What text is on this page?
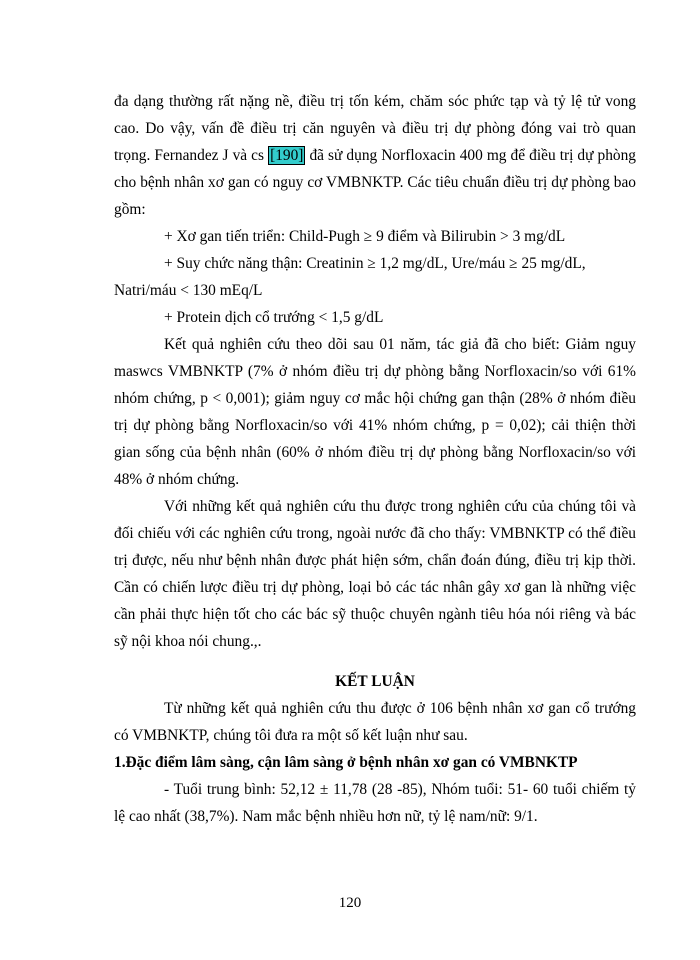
đa dạng thường rất nặng nề, điều trị tốn kém, chăm sóc phức tạp và tỷ lệ tử vong cao. Do vậy, vấn đề điều trị căn nguyên và điều trị dự phòng đóng vai trò quan trọng. Fernandez J và cs [190] đã sử dụng Norfloxacin 400 mg để điều trị dự phòng cho bệnh nhân xơ gan có nguy cơ VMBNKTP. Các tiêu chuẩn điều trị dự phòng bao gồm:

+ Xơ gan tiến triển: Child-Pugh ≥ 9 điểm và Bilirubin > 3 mg/dL

+ Suy chức năng thận: Creatinin ≥ 1,2 mg/dL, Ure/máu ≥ 25 mg/dL,

Natri/máu < 130 mEq/L

+ Protein dịch cổ trướng < 1,5 g/dL

Kết quả nghiên cứu theo dõi sau 01 năm, tác giả đã cho biết: Giảm nguy maswcs VMBNKTP (7% ở nhóm điều trị dự phòng bằng Norfloxacin/so với 61% nhóm chứng, p < 0,001); giảm nguy cơ mắc hội chứng gan thận (28% ở nhóm điều trị dự phòng bằng Norfloxacin/so với 41% nhóm chứng, p = 0,02); cải thiện thời gian sống của bệnh nhân (60% ở nhóm điều trị dự phòng bằng Norfloxacin/so với 48% ở nhóm chứng.

Với những kết quả nghiên cứu thu được trong nghiên cứu của chúng tôi và đối chiếu với các nghiên cứu trong, ngoài nước đã cho thấy: VMBNKTP có thể điều trị được, nếu như bệnh nhân được phát hiện sớm, chẩn đoán đúng, điều trị kịp thời. Cần có chiến lược điều trị dự phòng, loại bỏ các tác nhân gây xơ gan là những việc cần phải thực hiện tốt cho các bác sỹ thuộc chuyên ngành tiêu hóa nói riêng và bác sỹ nội khoa nói chung.,.

KẾT LUẬN

Từ những kết quả nghiên cứu thu được ở 106 bệnh nhân xơ gan cổ trướng có VMBNKTP, chúng tôi đưa ra một số kết luận như sau.

1.Đặc điểm lâm sàng, cận lâm sàng ở bệnh nhân xơ gan có VMBNKTP

- Tuổi trung bình: 52,12 ± 11,78 (28 -85), Nhóm tuổi: 51- 60 tuổi chiếm tỷ lệ cao nhất (38,7%). Nam mắc bệnh nhiều hơn nữ, tỷ lệ nam/nữ: 9/1.

120
